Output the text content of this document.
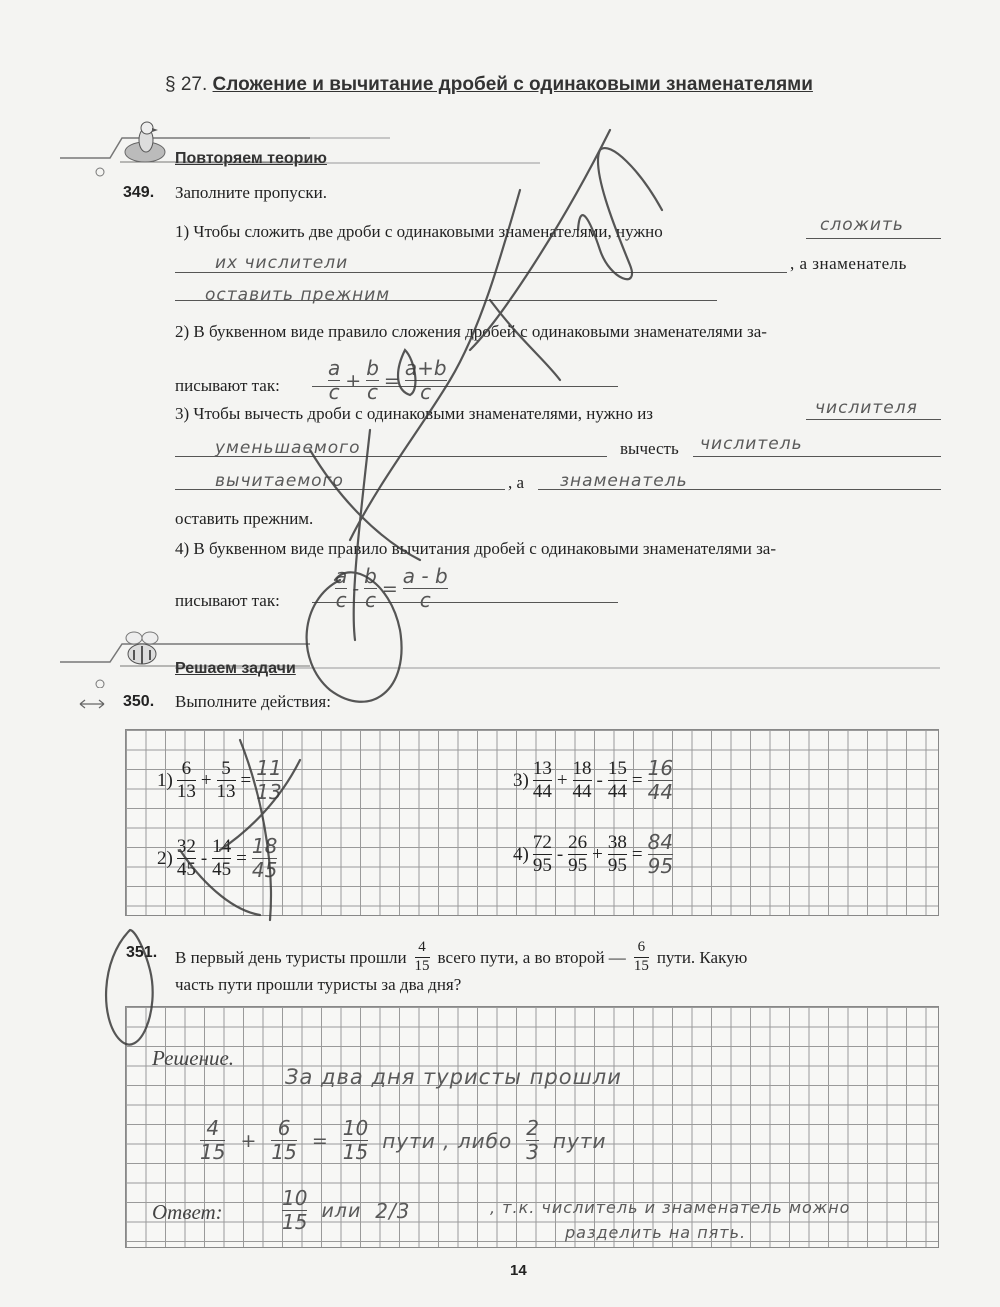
§ 27. Сложение и вычитание дробей с одинаковыми знаменателями
Повторяем теорию
349. Заполните пропуски.
1) Чтобы сложить две дроби с одинаковыми знаменателями, нужно	сложить
их числители	, а знаменатель
оставить прежним
2) В буквенном виде правило сложения дробей с одинаковыми знаменателями за-
писывают так: $\frac{a}{c} + \frac{b}{c} = \frac{a+b}{c}$
3) Чтобы вычесть дроби с одинаковыми знаменателями, нужно из	числителя
уменьшаемого	вычесть числитель
вычитаемого	, а знаменатель
оставить прежним.
4) В буквенном виде правило вычитания дробей с одинаковыми знаменателями за-
писывают так:	$\frac{a}{c} - \frac{b}{c} = \frac{a - b}{c}$
Решаем задачи
350. Выполните действия:
$1) \frac{6}{13} + \frac{5}{13} = \frac{11}{13}$
$2) \frac{32}{45} - \frac{14}{45} = \frac{18}{45}$
$3) \frac{13}{44} + \frac{18}{44} - \frac{15}{44} = \frac{16}{44}$
$4) \frac{72}{95} - \frac{26}{95} + \frac{38}{95} = \frac{84}{95}$
351. В первый день туристы прошли $\frac{4}{15}$ всего пути, а во второй — $\frac{6}{15}$ пути. Какую
часть пути прошли туристы за два дня?
Решение.
За два дня туристы прошли
$\frac{4}{15} + \frac{6}{15} = \frac{10}{15}$ пути , либо $\frac{2}{3}$ пути
Ответ:	$\frac{10}{15}$ или 2/3	, т.к. числитель и знаменатель можно
разделить на пять.
14
